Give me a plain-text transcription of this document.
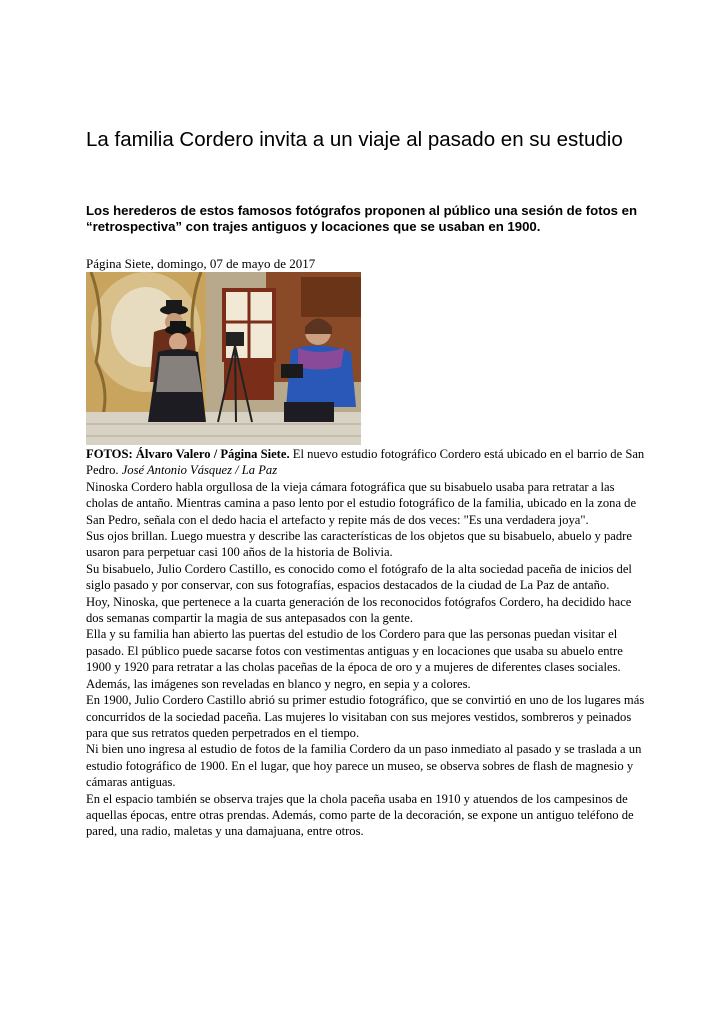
La familia Cordero invita a un viaje al pasado en su estudio
Los herederos de estos famosos fotógrafos proponen al público una sesión de fotos en “retrospectiva” con trajes antiguos y locaciones que se usaban en 1900.
Página Siete, domingo, 07 de mayo de 2017

FOTOS: Álvaro Valero / Página Siete. El nuevo estudio fotográfico Cordero está ubicado en el barrio de San Pedro. José Antonio Vásquez / La Paz

Ninoska Cordero habla orgullosa de la vieja cámara fotográfica que su bisabuelo usaba para retratar a las cholas de antaño. Mientras camina a paso lento por el estudio fotográfico de la familia, ubicado en la zona de San Pedro, señala con el dedo hacia el artefacto y repite más de dos veces: "Es una verdadera joya".

Sus ojos brillan. Luego muestra y describe las características de los objetos que su bisabuelo, abuelo y padre usaron para perpetuar casi 100 años de la historia de Bolivia.

Su bisabuelo, Julio Cordero Castillo, es conocido como el fotógrafo de la alta sociedad paceña de inicios del siglo pasado y por conservar, con sus fotografías, espacios destacados de la ciudad de La Paz de antaño.

Hoy, Ninoska, que pertenece a la cuarta generación de los reconocidos fotógrafos Cordero, ha decidido hace dos semanas compartir la magia de sus antepasados con la gente.

Ella y su familia han abierto las puertas del estudio de los Cordero para que las personas puedan visitar el pasado. El público puede sacarse fotos con vestimentas antiguas y en locaciones que usaba su abuelo entre 1900 y 1920 para retratar a las cholas paceñas de la época de oro y a mujeres de diferentes clases sociales. Además, las imágenes son reveladas en blanco y negro, en sepia y a colores.

En 1900, Julio Cordero Castillo abrió su primer estudio fotográfico, que se convirtió en uno de los lugares más concurridos de la sociedad paceña. Las mujeres lo visitaban con sus mejores vestidos, sombreros y peinados para que sus retratos queden perpetrados en el tiempo.

Ni bien uno ingresa al estudio de fotos de la familia Cordero da un paso inmediato al pasado y se traslada a un estudio fotográfico de 1900. En el lugar, que hoy parece un museo, se observa sobres de flash de magnesio y cámaras antiguas.

En el espacio también se observa trajes que la chola paceña usaba en 1910 y atuendos de los campesinos de aquellas épocas, entre otras prendas. Además, como parte de la decoración, se expone un antiguo teléfono de pared, una radio, maletas y una damajuana, entre otros.
